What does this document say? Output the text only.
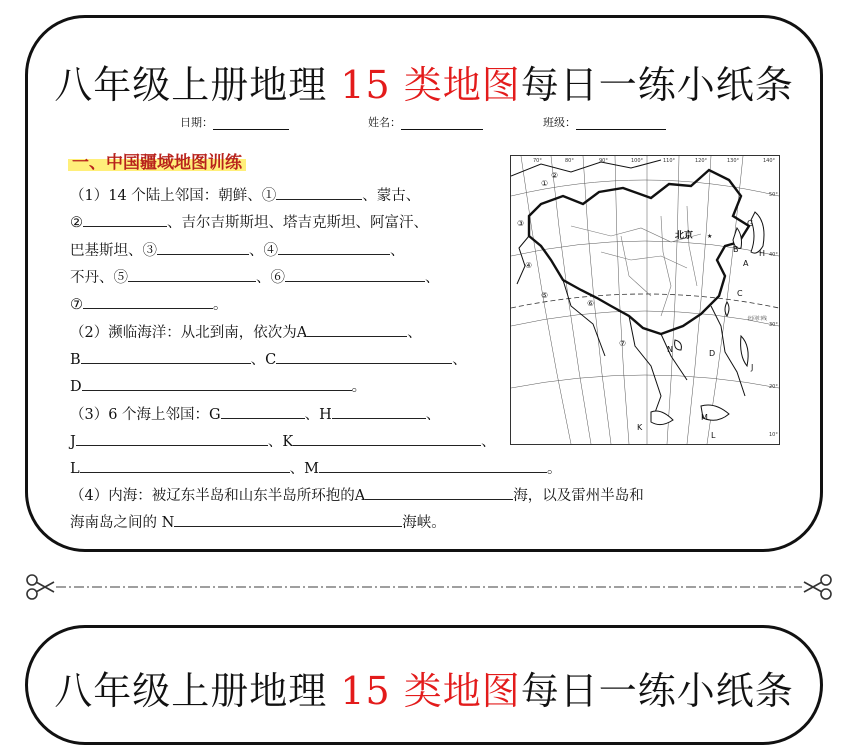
八年级上册地理 15 类地图每日一练小纸条
日期：	姓名：	班级：
一、中国疆域地图训练
（1）14 个陆上邻国：朝鲜、①	、蒙古、
②	、吉尔吉斯斯坦、塔吉克斯坦、阿富汗、
巴基斯坦、③	、④	、
不丹、⑤	、⑥	、
⑦	。
（2）濒临海洋：从北到南，依次为A	、
B	、C	、
D	。
（3）6 个海上邻国：G	、H	、
J	、K	、
L	、M	。
（4）内海：被辽东半岛和山东半岛所环抱的A	海，以及雷州半岛和
海南岛之间的 N	海峡。
70°	80°	90°	100°	110°	120°	130°	140°
50°
40°
30°
20°
10°
北回归线
①
②
③
④
⑤
⑥
⑦
A
B
C
D
G
H
J
K
L
M
N
★
北京
八年级上册地理 15 类地图每日一练小纸条
